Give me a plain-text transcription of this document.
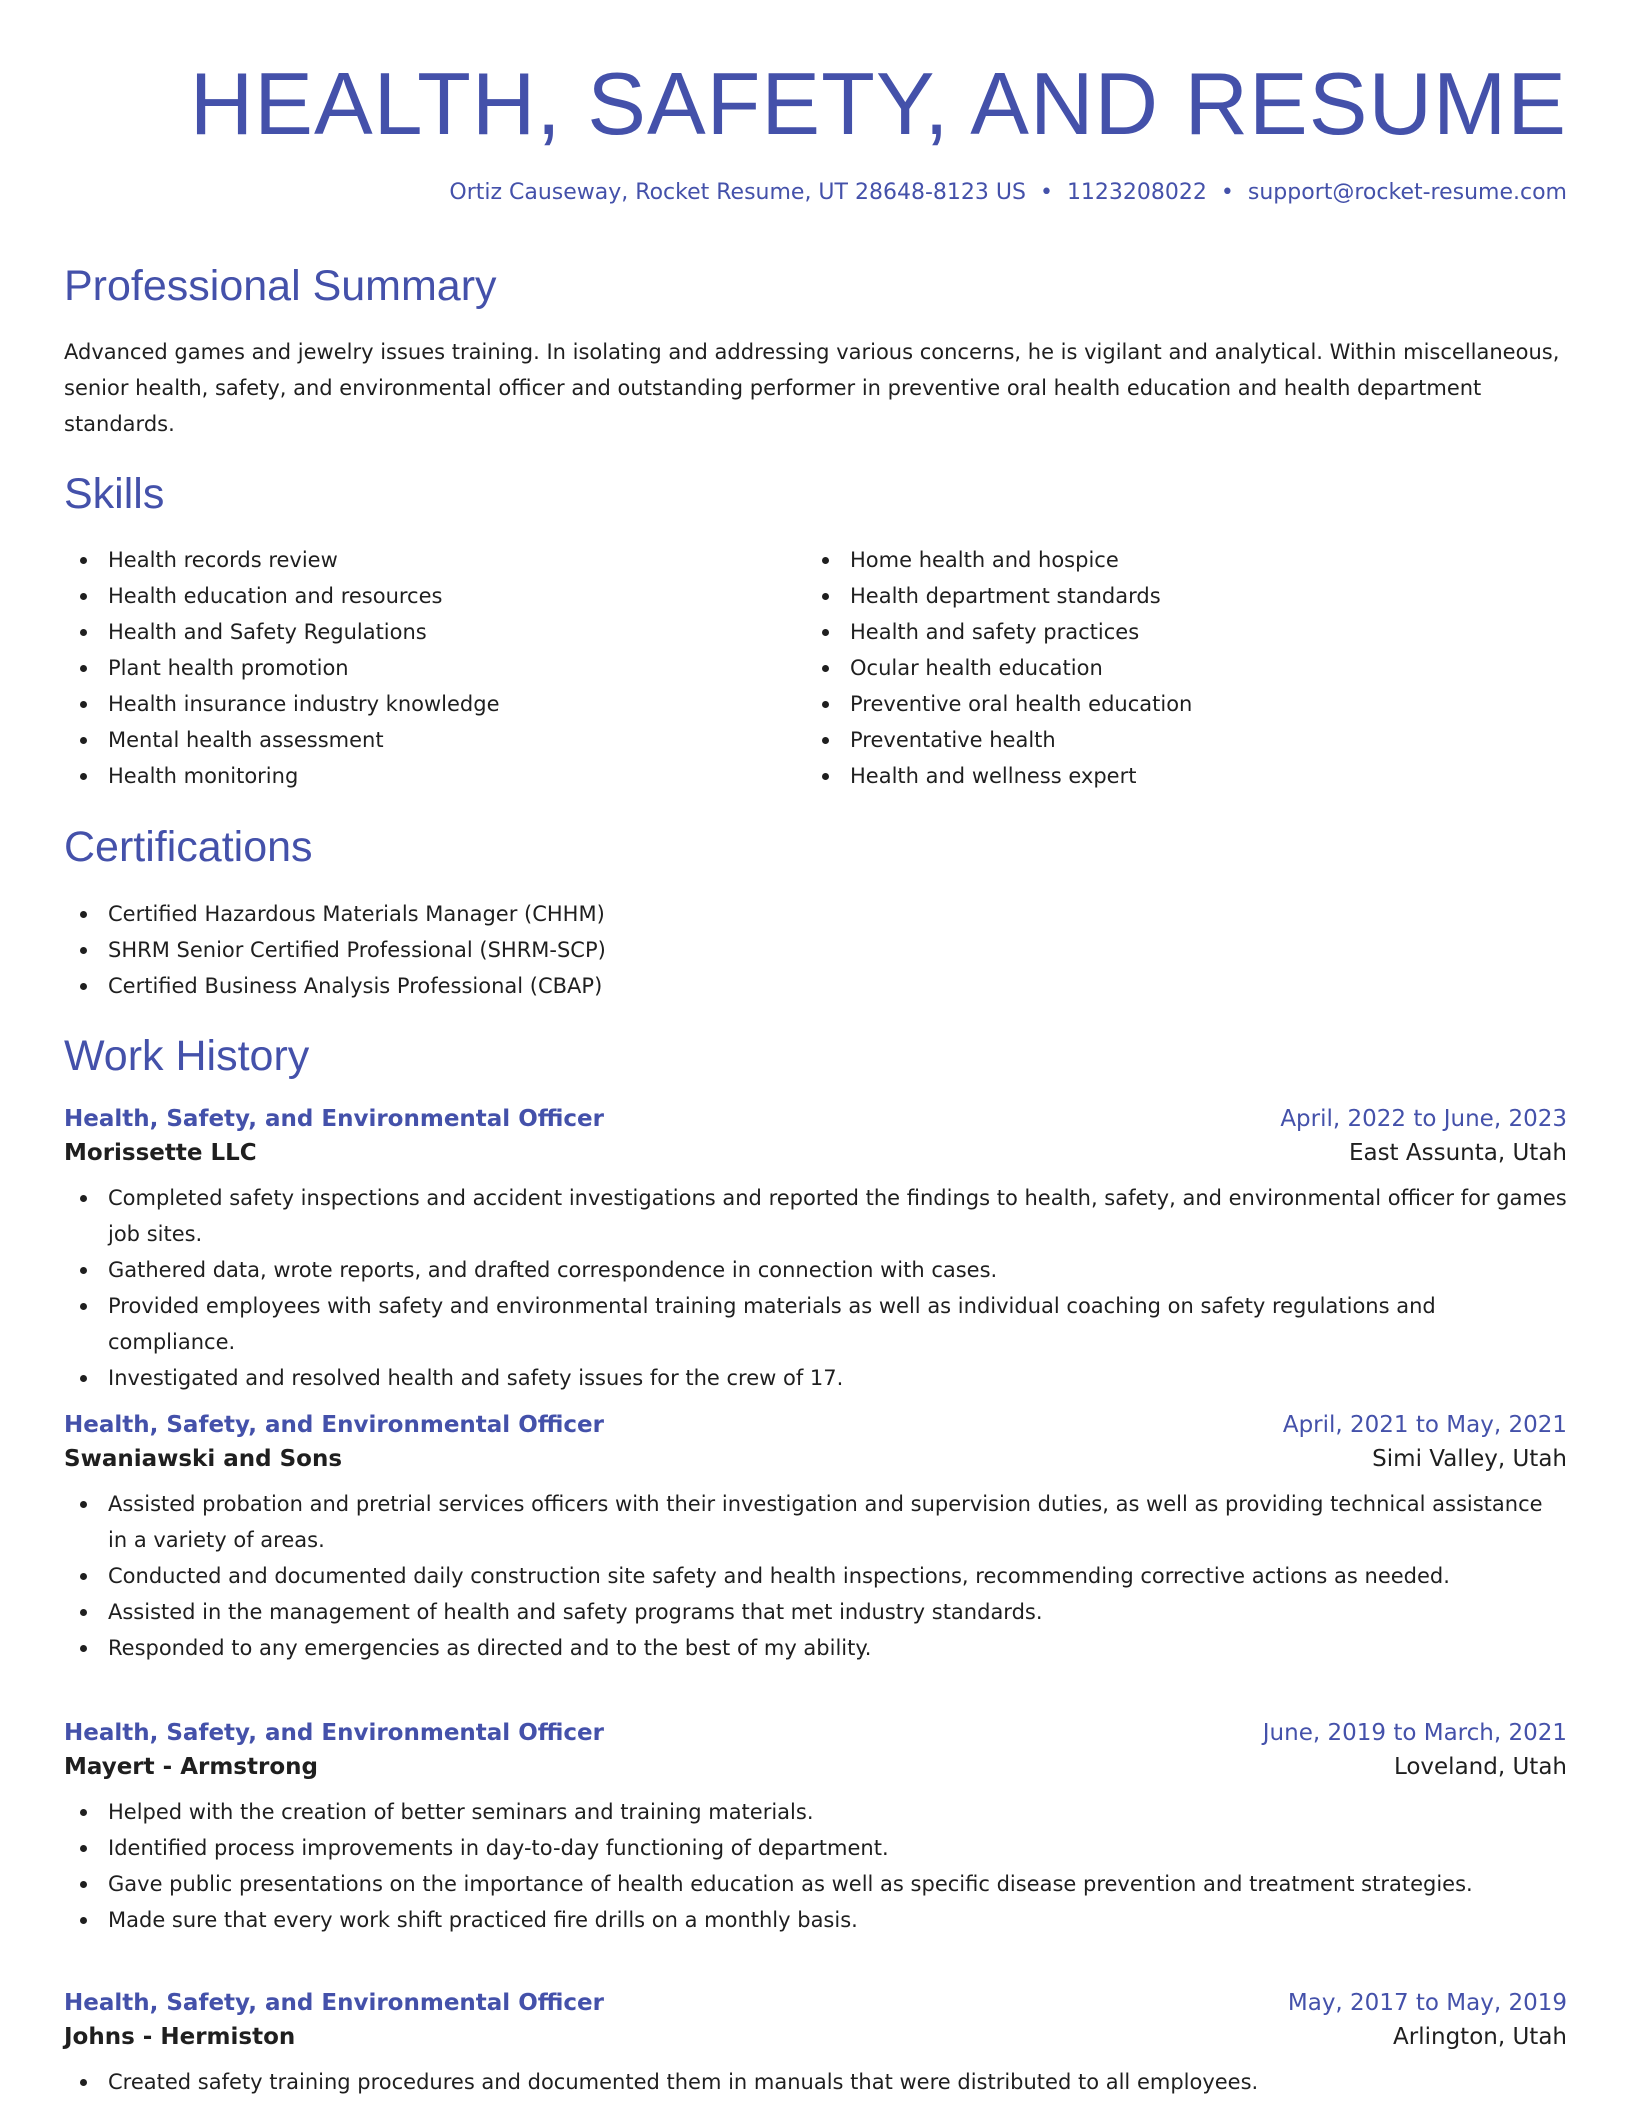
HEALTH, SAFETY, AND RESUME
Ortiz Causeway, Rocket Resume, UT 28648-8123 US • 1123208022 • support@rocket-resume.com
Professional Summary

Advanced games and jewelry issues training. In isolating and addressing various concerns, he is vigilant and analytical. Within miscellaneous, senior health, safety, and environmental officer and outstanding performer in preventive oral health education and health department standards.

Skills
Health records review
Health education and resources
Health and Safety Regulations
Plant health promotion
Health insurance industry knowledge
Mental health assessment
Health monitoring
Home health and hospice
Health department standards
Health and safety practices
Ocular health education
Preventive oral health education
Preventative health
Health and wellness expert
Certifications
Certified Hazardous Materials Manager (CHHM)
SHRM Senior Certified Professional (SHRM-SCP)
Certified Business Analysis Professional (CBAP)
Work History
Health, Safety, and Environmental Officer	April, 2022 to June, 2023
Morissette LLC	East Assunta, Utah
Completed safety inspections and accident investigations and reported the findings to health, safety, and environmental officer for games job sites.
Gathered data, wrote reports, and drafted correspondence in connection with cases.
Provided employees with safety and environmental training materials as well as individual coaching on safety regulations and compliance.
Investigated and resolved health and safety issues for the crew of 17.
Health, Safety, and Environmental Officer	April, 2021 to May, 2021
Swaniawski and Sons	Simi Valley, Utah
Assisted probation and pretrial services officers with their investigation and supervision duties, as well as providing technical assistance in a variety of areas.
Conducted and documented daily construction site safety and health inspections, recommending corrective actions as needed.
Assisted in the management of health and safety programs that met industry standards.
Responded to any emergencies as directed and to the best of my ability.
Health, Safety, and Environmental Officer	June, 2019 to March, 2021
Mayert - Armstrong	Loveland, Utah
Helped with the creation of better seminars and training materials.
Identified process improvements in day-to-day functioning of department.
Gave public presentations on the importance of health education as well as specific disease prevention and treatment strategies.
Made sure that every work shift practiced fire drills on a monthly basis.
Health, Safety, and Environmental Officer	May, 2017 to May, 2019
Johns - Hermiston	Arlington, Utah
Created safety training procedures and documented them in manuals that were distributed to all employees.
